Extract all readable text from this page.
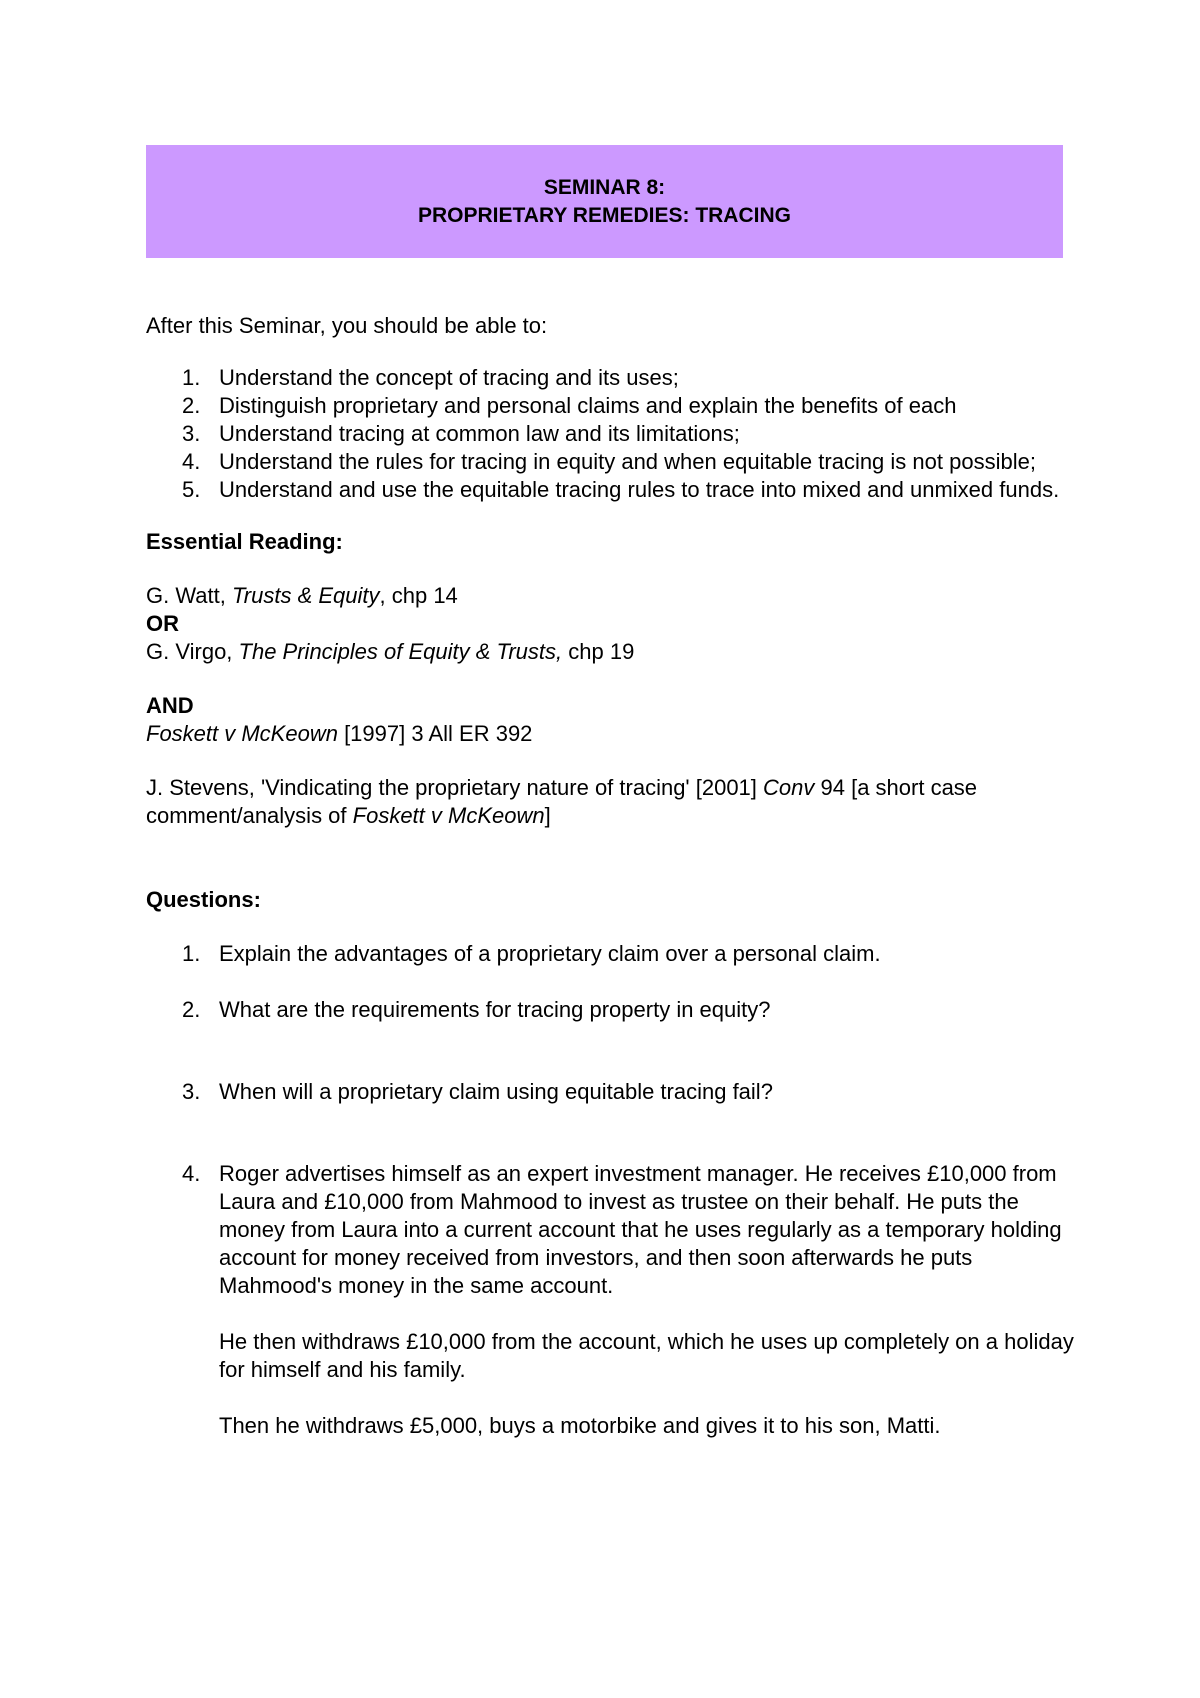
SEMINAR 8:
PROPRIETARY REMEDIES: TRACING

After this Seminar, you should be able to:

1. Understand the concept of tracing and its uses;
2. Distinguish proprietary and personal claims and explain the benefits of each
3. Understand tracing at common law and its limitations;
4. Understand the rules for tracing in equity and when equitable tracing is not possible;
5. Understand and use the equitable tracing rules to trace into mixed and unmixed funds.

Essential Reading:

G. Watt, Trusts & Equity, chp 14

OR

G. Virgo, The Principles of Equity & Trusts, chp 19

AND

Foskett v McKeown [1997] 3 All ER 392

J. Stevens, 'Vindicating the proprietary nature of tracing' [2001] Conv 94 [a short case comment/analysis of Foskett v McKeown]

Questions:

1. Explain the advantages of a proprietary claim over a personal claim.
2. What are the requirements for tracing property in equity?
3. When will a proprietary claim using equitable tracing fail?
4. Roger advertises himself as an expert investment manager. He receives £10,000 from Laura and £10,000 from Mahmood to invest as trustee on their behalf. He puts the money from Laura into a current account that he uses regularly as a temporary holding account for money received from investors, and then soon afterwards he puts Mahmood's money in the same account.

He then withdraws £10,000 from the account, which he uses up completely on a holiday for himself and his family.

Then he withdraws £5,000, buys a motorbike and gives it to his son, Matti.
